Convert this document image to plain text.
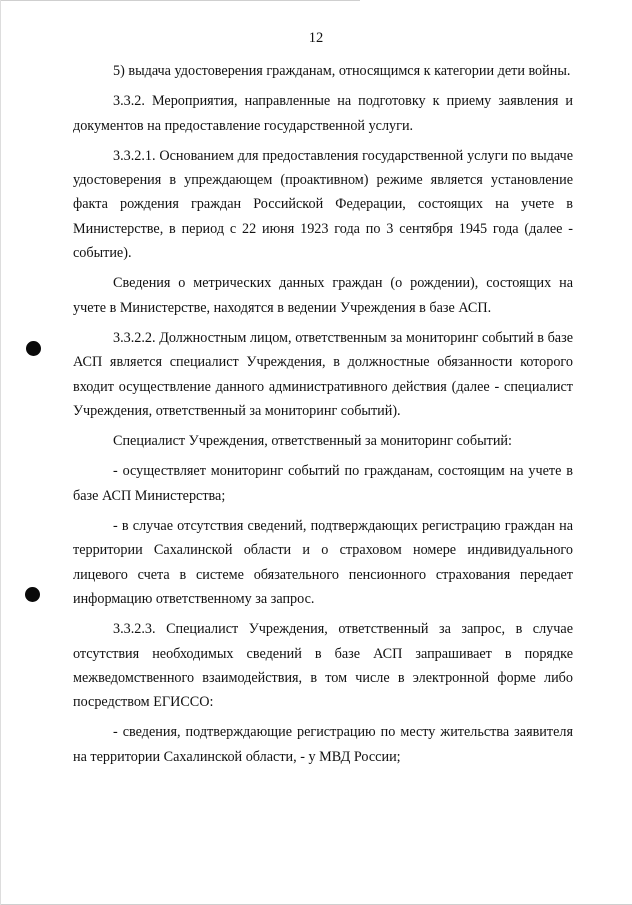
12

5) выдача удостоверения гражданам, относящимся к категории дети войны.

3.3.2. Мероприятия, направленные на подготовку к приему заявления и документов на предоставление государственной услуги.

3.3.2.1. Основанием для предоставления государственной услуги по выдаче удостоверения в упреждающем (проактивном) режиме является установление факта рождения граждан Российской Федерации, состоящих на учете в Министерстве, в период с 22 июня 1923 года по 3 сентября 1945 года (далее - событие).

Сведения о метрических данных граждан (о рождении), состоящих на учете в Министерстве, находятся в ведении Учреждения в базе АСП.

3.3.2.2. Должностным лицом, ответственным за мониторинг событий в базе АСП является специалист Учреждения, в должностные обязанности которого входит осуществление данного административного действия (далее - специалист Учреждения, ответственный за мониторинг событий).

Специалист Учреждения, ответственный за мониторинг событий:

- осуществляет мониторинг событий по гражданам, состоящим на учете в базе АСП Министерства;

- в случае отсутствия сведений, подтверждающих регистрацию граждан на территории Сахалинской области и о страховом номере индивидуального лицевого счета в системе обязательного пенсионного страхования передает информацию ответственному за запрос.

3.3.2.3. Специалист Учреждения, ответственный за запрос, в случае отсутствия необходимых сведений в базе АСП запрашивает в порядке межведомственного взаимодействия, в том числе в электронной форме либо посредством ЕГИССО:

- сведения, подтверждающие регистрацию по месту жительства заявителя на территории Сахалинской области, - у МВД России;
